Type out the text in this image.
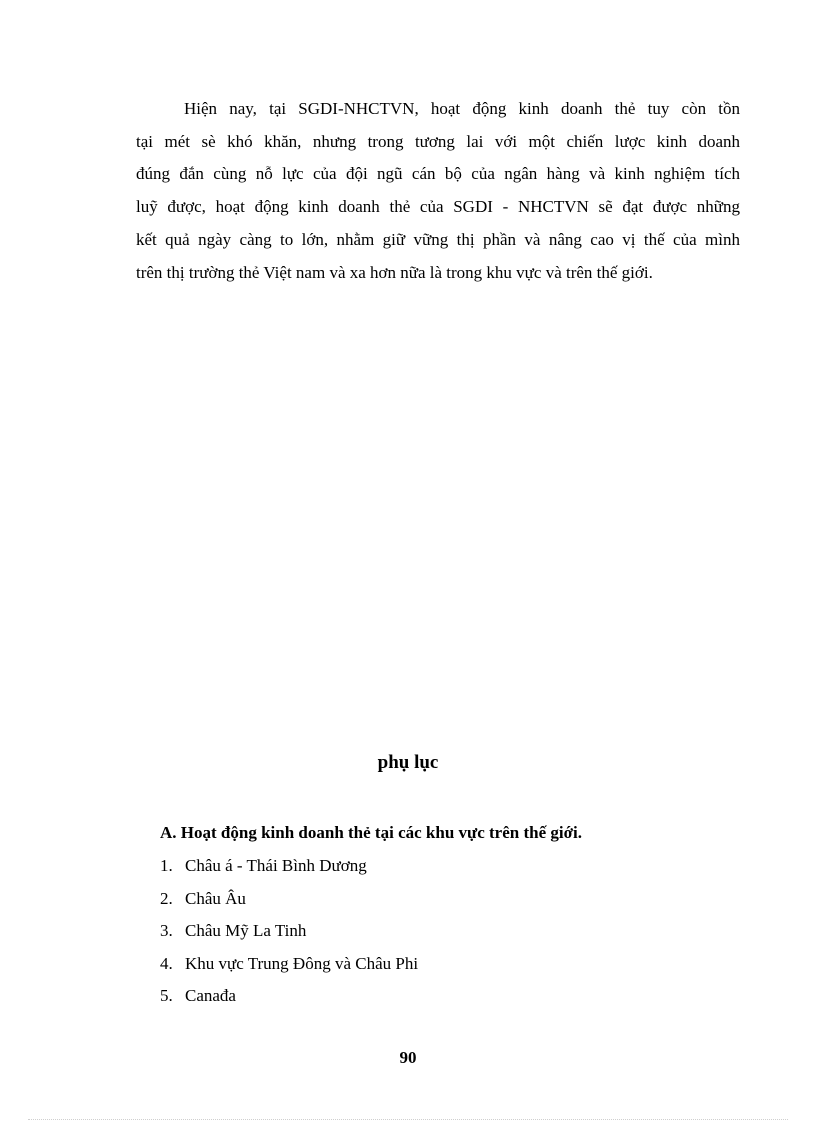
Hiện nay, tại SGDI-NHCTVN, hoạt động kinh doanh thẻ tuy còn tồn
tại mét sè khó khăn, nhưng trong tương lai với một chiến lược kinh doanh
đúng đắn cùng nỗ lực của đội ngũ cán bộ của ngân hàng và kinh nghiệm tích
luỹ được, hoạt động kinh doanh thẻ của SGDI - NHCTVN sẽ đạt được những
kết quả ngày càng to lớn, nhằm giữ vững thị phần và nâng cao vị thế của mình
trên thị trường thẻ Việt nam và xa hơn nữa là trong khu vực và trên thế giới.
phụ lục
A. Hoạt động kinh doanh thẻ tại các khu vực trên thế giới.
1. Châu á - Thái Bình Dương
2. Châu Âu
3. Châu Mỹ La Tinh
4. Khu vực Trung Đông và Châu Phi
5. Canađa
90
